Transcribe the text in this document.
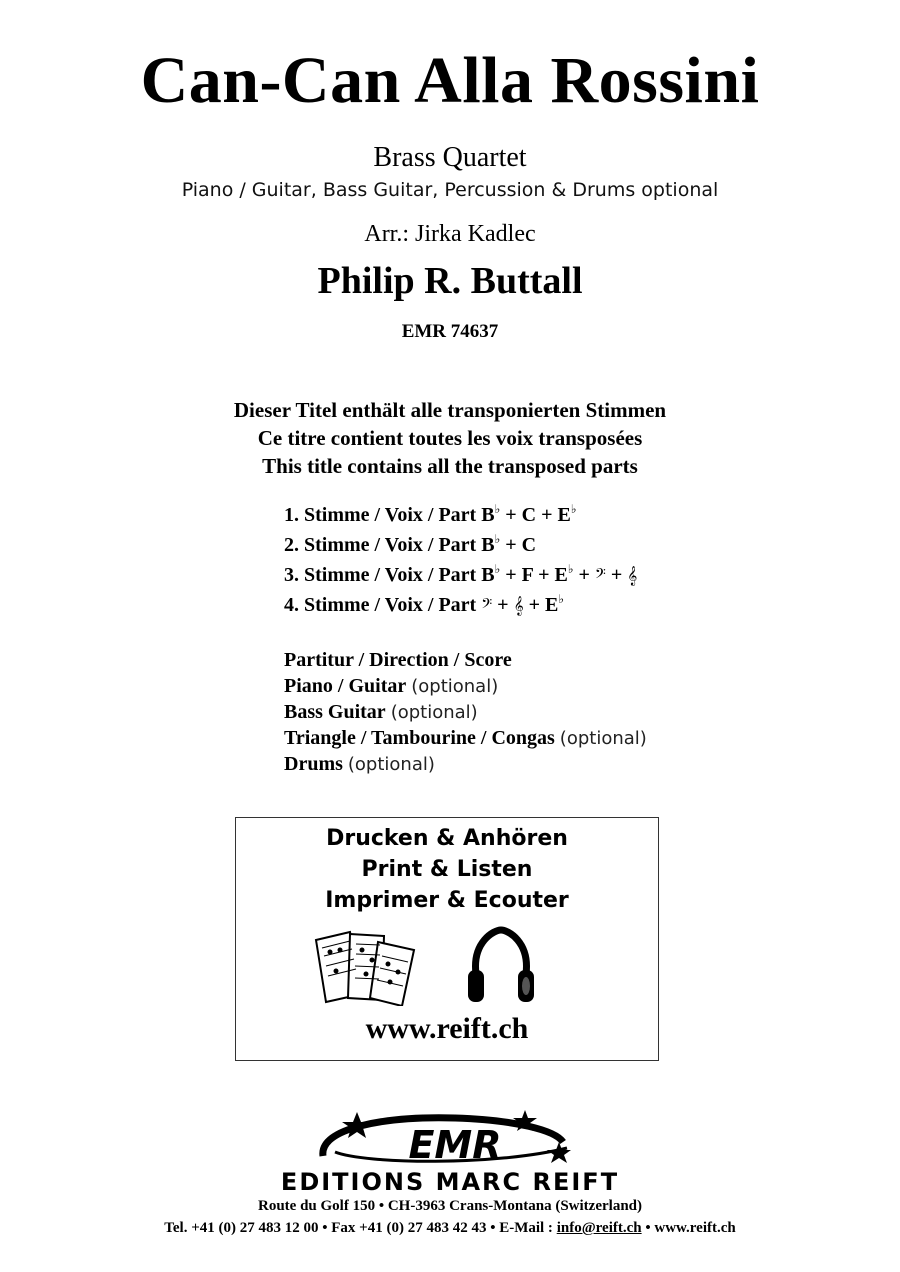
Can-Can Alla Rossini
Brass Quartet
Piano / Guitar, Bass Guitar, Percussion & Drums optional
Arr.: Jirka Kadlec
Philip R. Buttall
EMR 74637
Dieser Titel enthält alle transponierten Stimmen
Ce titre contient toutes les voix transposées
This title contains all the transposed parts
1. Stimme / Voix / Part B♭ + C + E♭
2. Stimme / Voix / Part B♭ + C
3. Stimme / Voix / Part B♭ + F + E♭ + 𝄢 + 𝄞
4. Stimme / Voix / Part 𝄢 + 𝄞 + E♭
Partitur / Direction / Score
Piano / Guitar (optional)
Bass Guitar (optional)
Triangle / Tambourine / Congas (optional)
Drums (optional)
Drucken & Anhören
Print & Listen
Imprimer & Ecouter
www.reift.ch
EMR
EDITIONS MARC REIFT
Route du Golf 150 • CH-3963 Crans-Montana (Switzerland)
Tel. +41 (0) 27 483 12 00 • Fax +41 (0) 27 483 42 43 • E-Mail : info@reift.ch • www.reift.ch
